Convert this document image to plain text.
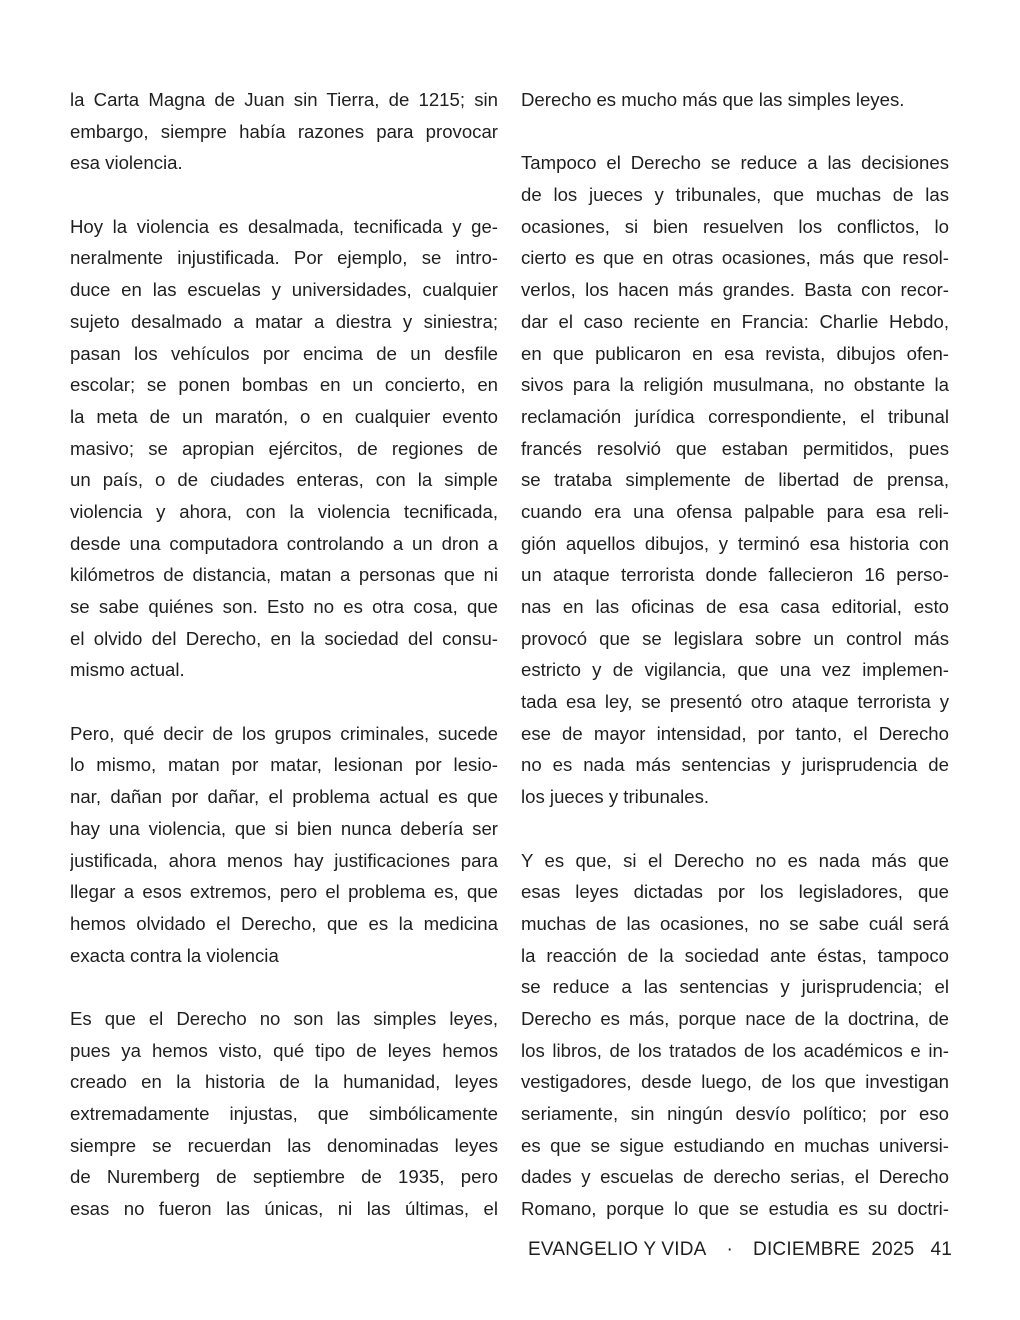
la Carta Magna de Juan sin Tierra, de 1215; sin
embargo, siempre había razones para provocar
esa violencia.
Hoy la violencia es desalmada, tecnificada y ge-
neralmente injustificada. Por ejemplo, se intro-
duce en las escuelas y universidades, cualquier
sujeto desalmado a matar a diestra y siniestra;
pasan los vehículos por encima de un desfile
escolar; se ponen bombas en un concierto, en
la meta de un maratón, o en cualquier evento
masivo; se apropian ejércitos, de regiones de
un país, o de ciudades enteras, con la simple
violencia y ahora, con la violencia tecnificada,
desde una computadora controlando a un dron a
kilómetros de distancia, matan a personas que ni
se sabe quiénes son. Esto no es otra cosa, que
el olvido del Derecho, en la sociedad del consu-
mismo actual.
Pero, qué decir de los grupos criminales, sucede
lo mismo, matan por matar, lesionan por lesio-
nar, dañan por dañar, el problema actual es que
hay una violencia, que si bien nunca debería ser
justificada, ahora menos hay justificaciones para
llegar a esos extremos, pero el problema es, que
hemos olvidado el Derecho, que es la medicina
exacta contra la violencia
Es que el Derecho no son las simples leyes,
pues ya hemos visto, qué tipo de leyes hemos
creado en la historia de la humanidad, leyes
extremadamente injustas, que simbólicamente
siempre se recuerdan las denominadas leyes
de Nuremberg de septiembre de 1935, pero
esas no fueron las únicas, ni las últimas, el
Derecho es mucho más que las simples leyes.
Tampoco el Derecho se reduce a las decisiones
de los jueces y tribunales, que muchas de las
ocasiones, si bien resuelven los conflictos, lo
cierto es que en otras ocasiones, más que resol-
verlos, los hacen más grandes. Basta con recor-
dar el caso reciente en Francia: Charlie Hebdo,
en que publicaron en esa revista, dibujos ofen-
sivos para la religión musulmana, no obstante la
reclamación jurídica correspondiente, el tribunal
francés resolvió que estaban permitidos, pues
se trataba simplemente de libertad de prensa,
cuando era una ofensa palpable para esa reli-
gión aquellos dibujos, y terminó esa historia con
un ataque terrorista donde fallecieron 16 perso-
nas en las oficinas de esa casa editorial, esto
provocó que se legislara sobre un control más
estricto y de vigilancia, que una vez implemen-
tada esa ley, se presentó otro ataque terrorista y
ese de mayor intensidad, por tanto, el Derecho
no es nada más sentencias y jurisprudencia de
los jueces y tribunales.
Y es que, si el Derecho no es nada más que
esas leyes dictadas por los legisladores, que
muchas de las ocasiones, no se sabe cuál será
la reacción de la sociedad ante éstas, tampoco
se reduce a las sentencias y jurisprudencia; el
Derecho es más, porque nace de la doctrina, de
los libros, de los tratados de los académicos e in-
vestigadores, desde luego, de los que investigan
seriamente, sin ningún desvío político; por eso
es que se sigue estudiando en muchas universi-
dades y escuelas de derecho serias, el Derecho
Romano, porque lo que se estudia es su doctri-
EVANGELIO Y VIDA · DICIEMBRE  2025 41
